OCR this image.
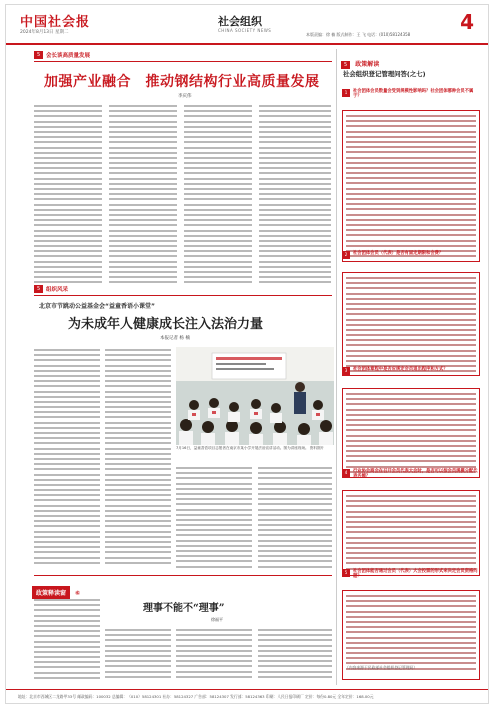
中国社会报
2024年8月13日 星期二
社会组织
CHINA SOCIETY NEWS
本版责编：徐 楠 版式制作：王 飞 电话：(010)58124358
4
5	会长谈高质量发展
加强产业融合　推动钢结构行业高质量发展
李庆伟
5	组织风采
北京市节跳动公益基金会“益童香语小课堂”
为未成年人健康成长注入法治力量
本报记者 杨 楠
7月16日，益童香语项目志愿者在南京市某小学开展法治宣讲活动。图为讲座现场。 资料图片
政策释读窗 ⑥
理事不能不“理事”
徐福平
5 政策解读
社会组织登记管理问答(之七)
1 社会团体会员数量会受到规模性影响吗？社会团体哪种会员不属于？
2 社会团体会员（代表）是否有固定期限和会费？
3 社会团体章程中是否应规定会员退出程序和方式？
4 行业协会商会在召开会员代表大会时，是否可以按会员规模分配代表名额？
5 社会团体能否通过会员（代表）大会投票的形式来决定会员资格问题？
（内容来源于民政部社会组织登记管理局）
地址：北京市西城区二龙路甲33号 邮政编码：100032 总编辑：（010）58124301 社办：58124327 广告部：58124307 发行部：58124363 印刷：人民日报印刷厂 定价：每份0.80元 全年定价：168.00元
